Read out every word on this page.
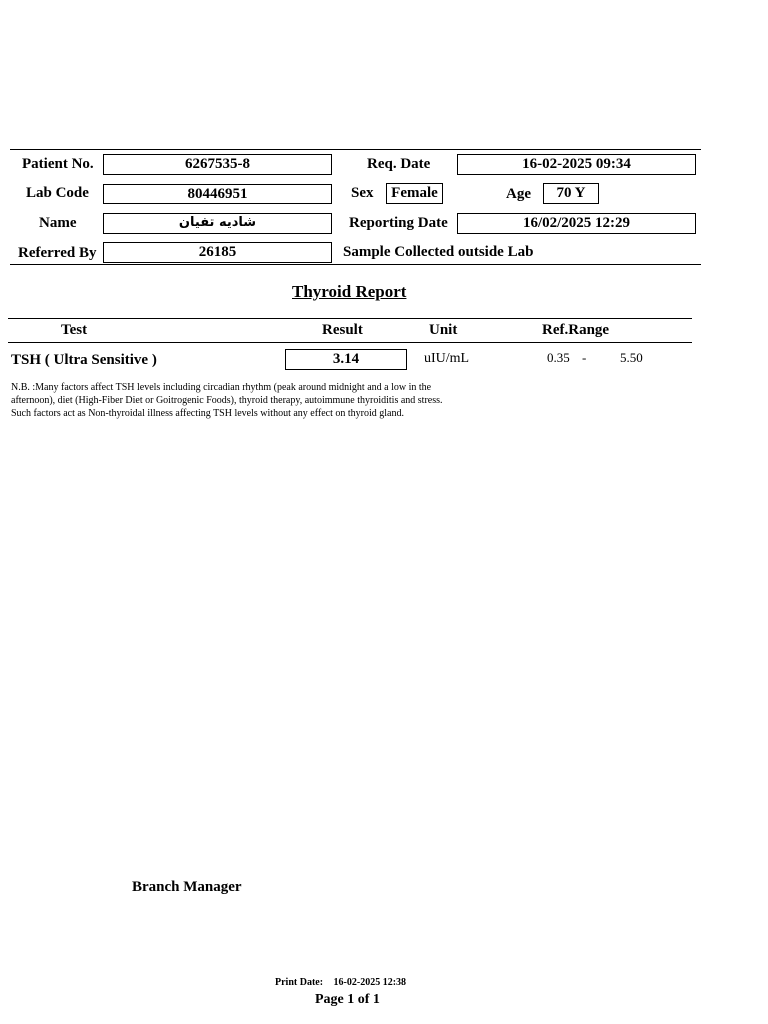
Patient No.	6267535-8	Req. Date	16-02-2025 09:34
Lab Code	80446951	Sex	Female	Age	70 Y
Name	شاديه تفيان	Reporting Date	16/02/2025 12:29
Referred By	26185	Sample Collected outside Lab
Thyroid Report
Test	Result	Unit	Ref.Range
TSH ( Ultra Sensitive )	3.14	uIU/mL	0.35 -	5.50
N.B. :Many factors affect TSH levels including circadian rhythm (peak around midnight and a low in the
afternoon), diet (High-Fiber Diet or Goitrogenic Foods), thyroid therapy, autoimmune thyroiditis and stress.
Such factors act as Non-thyroidal illness affecting TSH levels without any effect on thyroid gland.
Branch Manager
Print Date: 16-02-2025 12:38
Page 1 of 1
